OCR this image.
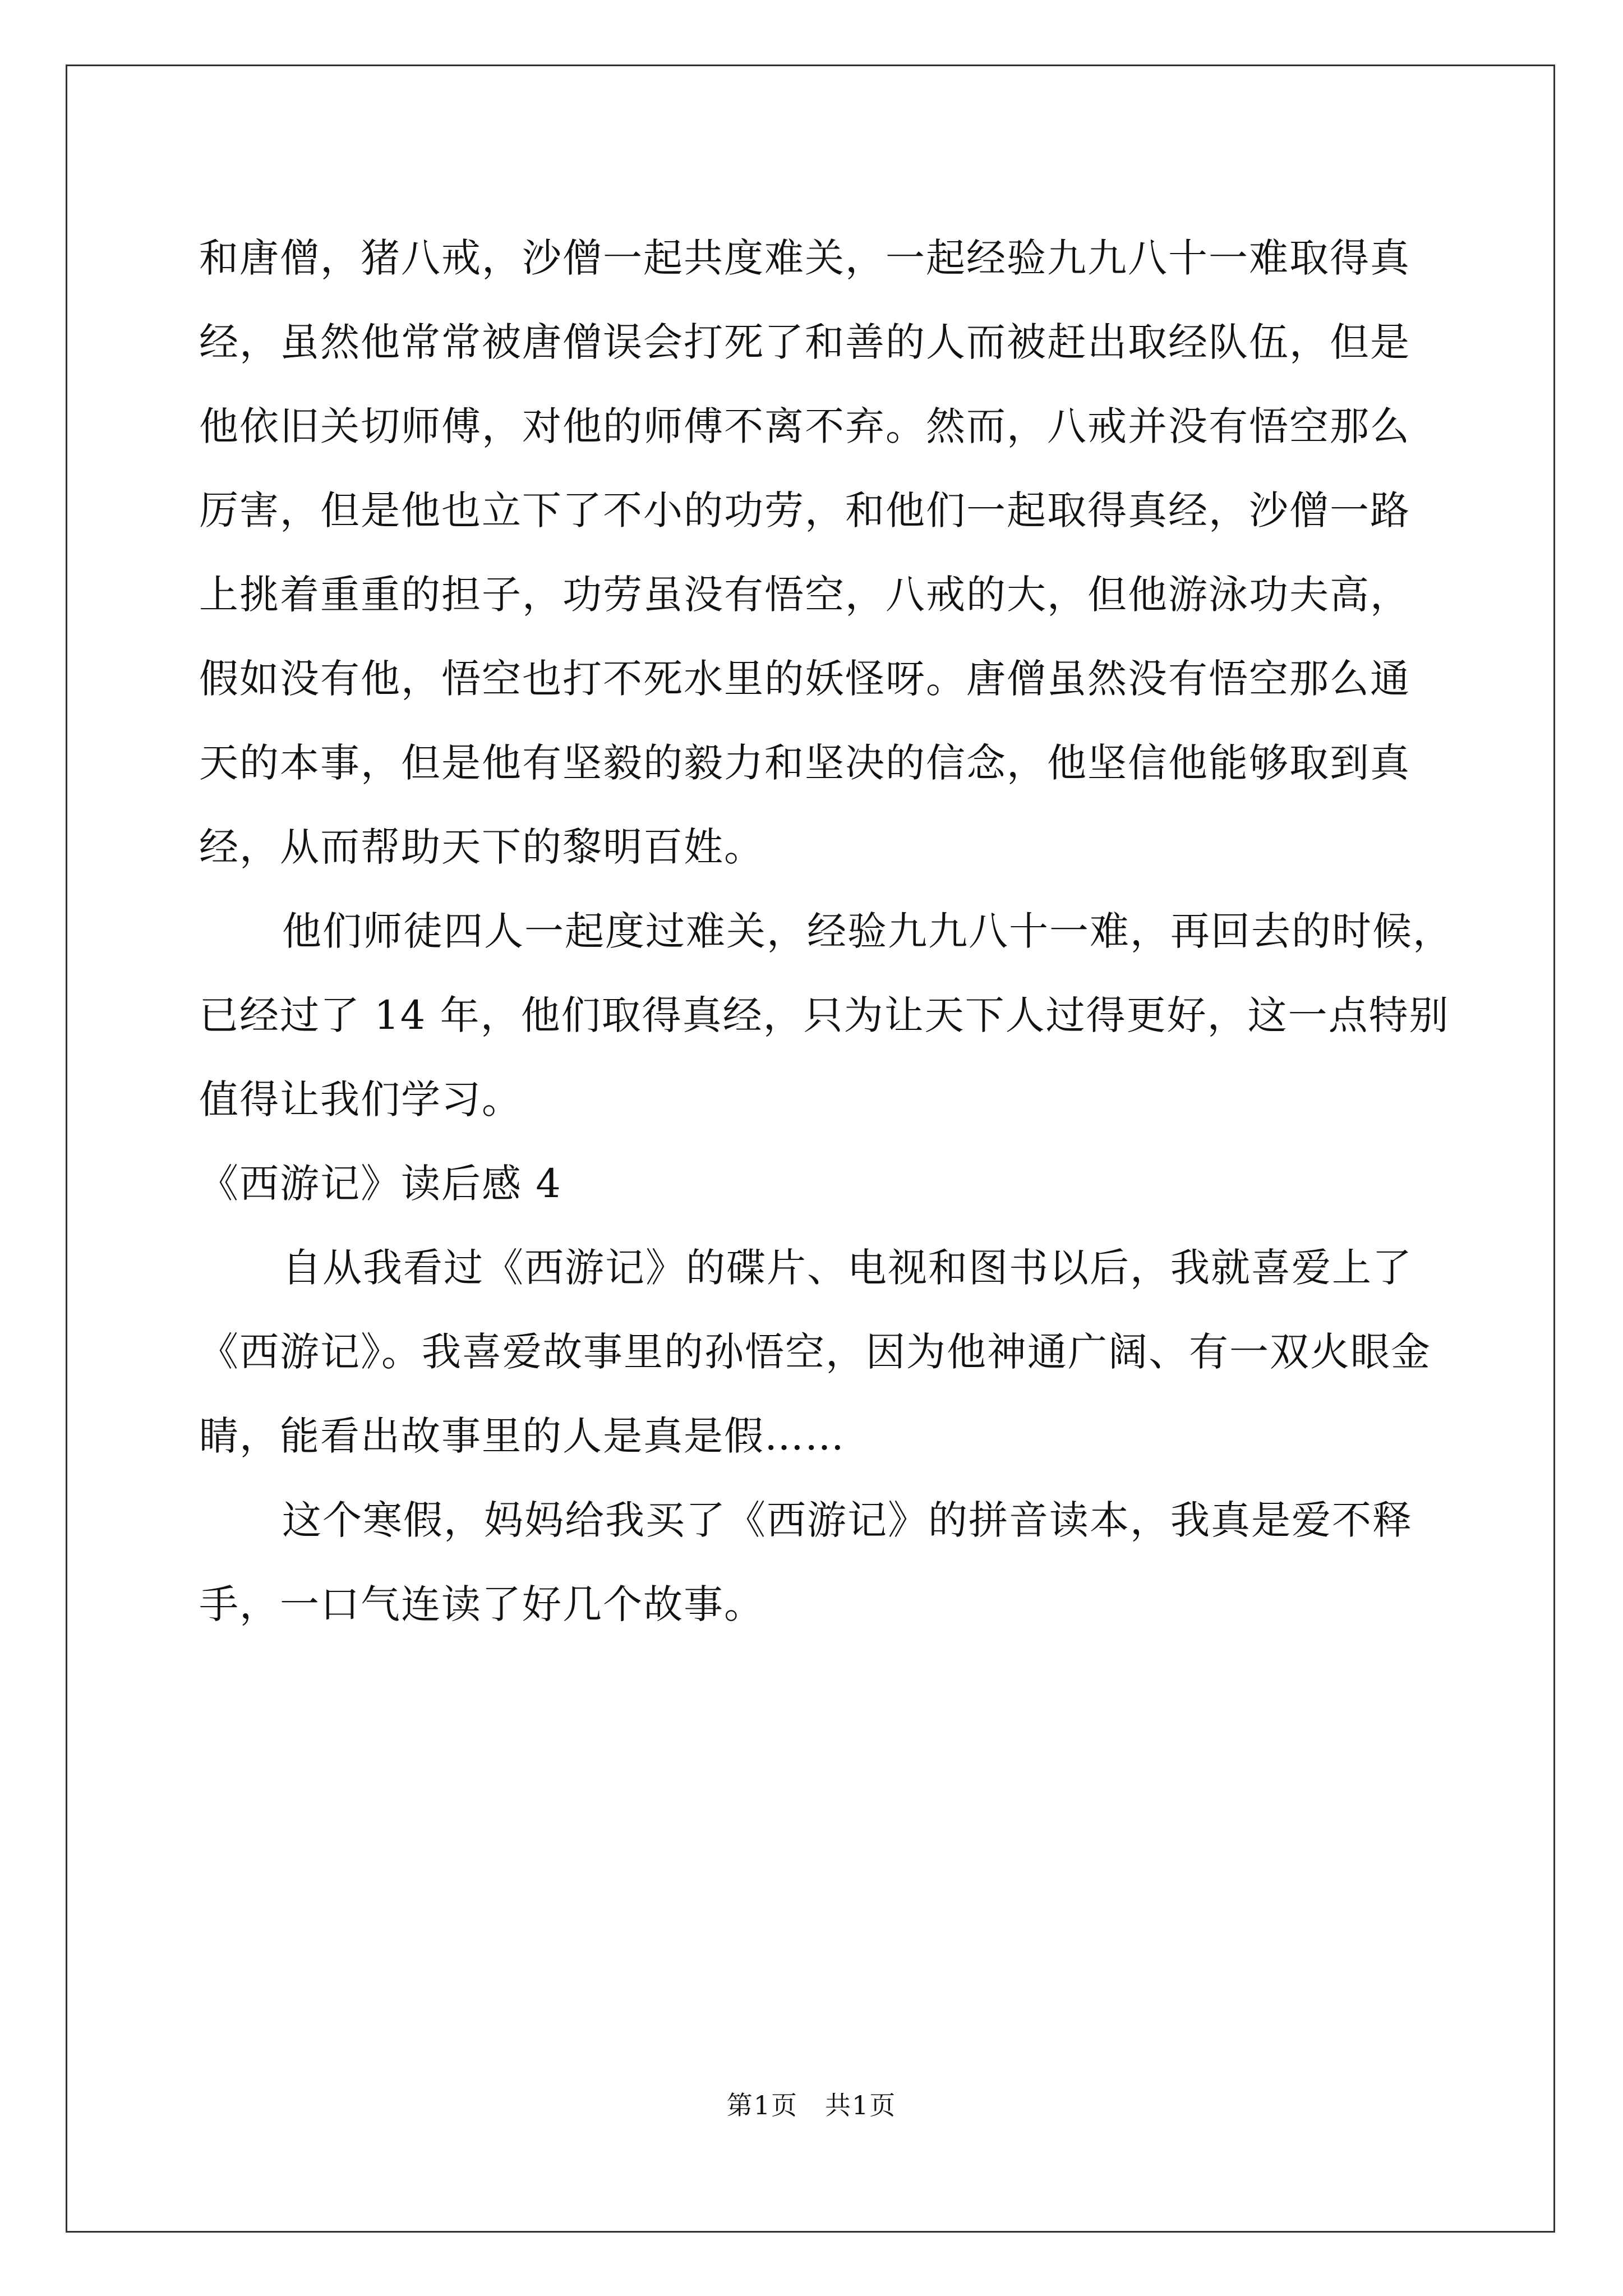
和唐僧，猪八戒，沙僧一起共度难关，一起经验九九八十一难取得真
经，虽然他常常被唐僧误会打死了和善的人而被赶出取经队伍，但是
他依旧关切师傅，对他的师傅不离不弃。然而，八戒并没有悟空那么
厉害，但是他也立下了不小的功劳，和他们一起取得真经，沙僧一路
上挑着重重的担子，功劳虽没有悟空，八戒的大，但他游泳功夫高，
假如没有他，悟空也打不死水里的妖怪呀。唐僧虽然没有悟空那么通
天的本事，但是他有坚毅的毅力和坚决的信念，他坚信他能够取到真
经，从而帮助天下的黎明百姓。

他们师徒四人一起度过难关，经验九九八十一难，再回去的时候，

已经过了 14 年，他们取得真经，只为让天下人过得更好，这一点特别
值得让我们学习。

《西游记》读后感 4

自从我看过《西游记》的碟片、电视和图书以后，我就喜爱上了

《西游记》。我喜爱故事里的孙悟空，因为他神通广阔、有一双火眼金
睛，能看出故事里的人是真是假……

这个寒假，妈妈给我买了《西游记》的拼音读本，我真是爱不释

手，一口气连读了好几个故事。

第1页　共1页
